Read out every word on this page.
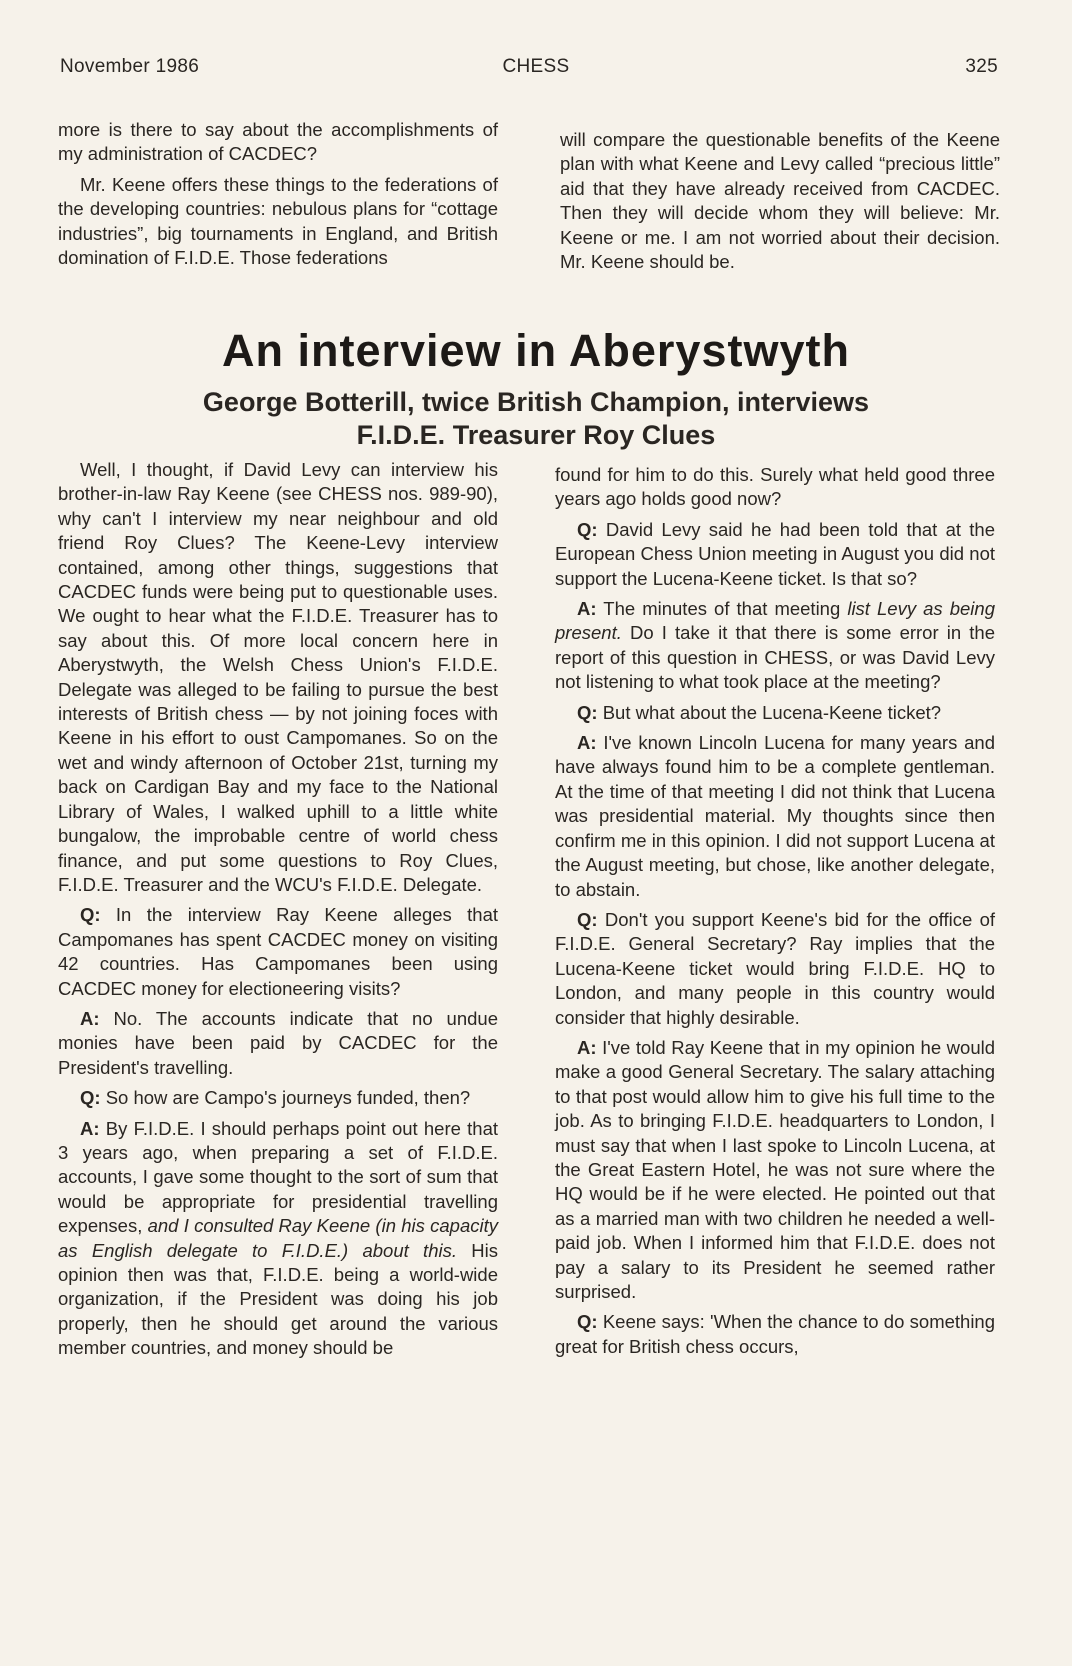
November 1986	CHESS	325

more is there to say about the accomplishments of my administration of CACDEC?

Mr. Keene offers these things to the federations of the developing countries: nebulous plans for “cottage industries”, big tournaments in England, and British domination of F.I.D.E. Those federations

will compare the questionable benefits of the Keene plan with what Keene and Levy called “precious little” aid that they have already received from CACDEC. Then they will decide whom they will believe: Mr. Keene or me. I am not worried about their decision. Mr. Keene should be.

An interview in Aberystwyth
George Botterill, twice British Champion, interviews
F.I.D.E. Treasurer Roy Clues

Well, I thought, if David Levy can interview his brother-in-law Ray Keene (see CHESS nos. 989-90), why can't I interview my near neighbour and old friend Roy Clues? The Keene-Levy interview contained, among other things, suggestions that CACDEC funds were being put to questionable uses. We ought to hear what the F.I.D.E. Treasurer has to say about this. Of more local concern here in Aberystwyth, the Welsh Chess Union's F.I.D.E. Delegate was alleged to be failing to pursue the best interests of British chess — by not joining foces with Keene in his effort to oust Campomanes. So on the wet and windy afternoon of October 21st, turning my back on Cardigan Bay and my face to the National Library of Wales, I walked uphill to a little white bungalow, the improbable centre of world chess finance, and put some questions to Roy Clues, F.I.D.E. Treasurer and the WCU's F.I.D.E. Delegate.

Q: In the interview Ray Keene alleges that Campomanes has spent CACDEC money on visiting 42 countries. Has Campomanes been using CACDEC money for electioneering visits?

A: No. The accounts indicate that no undue monies have been paid by CACDEC for the President's travelling.

Q: So how are Campo's journeys funded, then?

A: By F.I.D.E. I should perhaps point out here that 3 years ago, when preparing a set of F.I.D.E. accounts, I gave some thought to the sort of sum that would be appropriate for presidential travelling expenses, and I consulted Ray Keene (in his capacity as English delegate to F.I.D.E.) about this. His opinion then was that, F.I.D.E. being a world-wide organization, if the President was doing his job properly, then he should get around the various member countries, and money should be

found for him to do this. Surely what held good three years ago holds good now?

Q: David Levy said he had been told that at the European Chess Union meeting in August you did not support the Lucena-Keene ticket. Is that so?

A: The minutes of that meeting list Levy as being present. Do I take it that there is some error in the report of this question in CHESS, or was David Levy not listening to what took place at the meeting?

Q: But what about the Lucena-Keene ticket?

A: I've known Lincoln Lucena for many years and have always found him to be a complete gentleman. At the time of that meeting I did not think that Lucena was presidential material. My thoughts since then confirm me in this opinion. I did not support Lucena at the August meeting, but chose, like another delegate, to abstain.

Q: Don't you support Keene's bid for the office of F.I.D.E. General Secretary? Ray implies that the Lucena-Keene ticket would bring F.I.D.E. HQ to London, and many people in this country would consider that highly desirable.

A: I've told Ray Keene that in my opinion he would make a good General Secretary. The salary attaching to that post would allow him to give his full time to the job. As to bringing F.I.D.E. headquarters to London, I must say that when I last spoke to Lincoln Lucena, at the Great Eastern Hotel, he was not sure where the HQ would be if he were elected. He pointed out that as a married man with two children he needed a well-paid job. When I informed him that F.I.D.E. does not pay a salary to its President he seemed rather surprised.

Q: Keene says: 'When the chance to do something great for British chess occurs,
